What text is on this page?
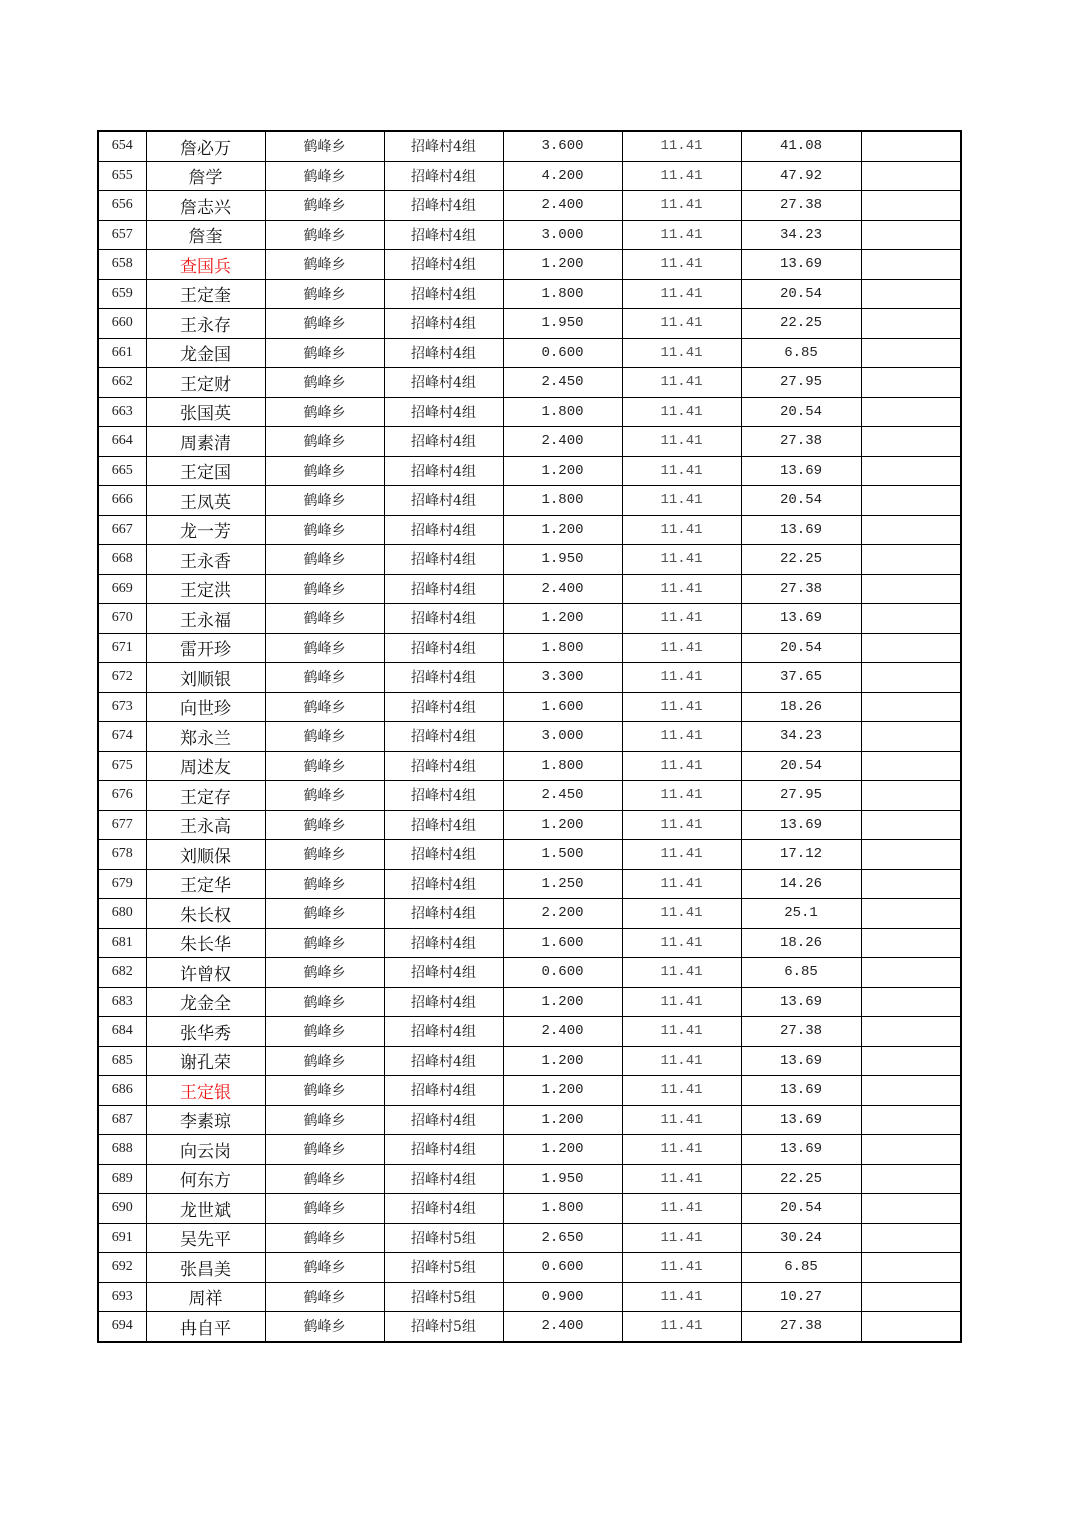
654	詹必万	鹤峰乡	招峰村4组	3.600	11.41	41.08	
655	詹学	鹤峰乡	招峰村4组	4.200	11.41	47.92	
656	詹志兴	鹤峰乡	招峰村4组	2.400	11.41	27.38	
657	詹奎	鹤峰乡	招峰村4组	3.000	11.41	34.23	
658	查国兵	鹤峰乡	招峰村4组	1.200	11.41	13.69	
659	王定奎	鹤峰乡	招峰村4组	1.800	11.41	20.54	
660	王永存	鹤峰乡	招峰村4组	1.950	11.41	22.25	
661	龙金国	鹤峰乡	招峰村4组	0.600	11.41	6.85	
662	王定财	鹤峰乡	招峰村4组	2.450	11.41	27.95	
663	张国英	鹤峰乡	招峰村4组	1.800	11.41	20.54	
664	周素清	鹤峰乡	招峰村4组	2.400	11.41	27.38	
665	王定国	鹤峰乡	招峰村4组	1.200	11.41	13.69	
666	王凤英	鹤峰乡	招峰村4组	1.800	11.41	20.54	
667	龙一芳	鹤峰乡	招峰村4组	1.200	11.41	13.69	
668	王永香	鹤峰乡	招峰村4组	1.950	11.41	22.25	
669	王定洪	鹤峰乡	招峰村4组	2.400	11.41	27.38	
670	王永福	鹤峰乡	招峰村4组	1.200	11.41	13.69	
671	雷开珍	鹤峰乡	招峰村4组	1.800	11.41	20.54	
672	刘顺银	鹤峰乡	招峰村4组	3.300	11.41	37.65	
673	向世珍	鹤峰乡	招峰村4组	1.600	11.41	18.26	
674	郑永兰	鹤峰乡	招峰村4组	3.000	11.41	34.23	
675	周述友	鹤峰乡	招峰村4组	1.800	11.41	20.54	
676	王定存	鹤峰乡	招峰村4组	2.450	11.41	27.95	
677	王永高	鹤峰乡	招峰村4组	1.200	11.41	13.69	
678	刘顺保	鹤峰乡	招峰村4组	1.500	11.41	17.12	
679	王定华	鹤峰乡	招峰村4组	1.250	11.41	14.26	
680	朱长权	鹤峰乡	招峰村4组	2.200	11.41	25.1	
681	朱长华	鹤峰乡	招峰村4组	1.600	11.41	18.26	
682	许曾权	鹤峰乡	招峰村4组	0.600	11.41	6.85	
683	龙金全	鹤峰乡	招峰村4组	1.200	11.41	13.69	
684	张华秀	鹤峰乡	招峰村4组	2.400	11.41	27.38	
685	谢孔荣	鹤峰乡	招峰村4组	1.200	11.41	13.69	
686	王定银	鹤峰乡	招峰村4组	1.200	11.41	13.69	
687	李素琼	鹤峰乡	招峰村4组	1.200	11.41	13.69	
688	向云岗	鹤峰乡	招峰村4组	1.200	11.41	13.69	
689	何东方	鹤峰乡	招峰村4组	1.950	11.41	22.25	
690	龙世斌	鹤峰乡	招峰村4组	1.800	11.41	20.54	
691	吴先平	鹤峰乡	招峰村5组	2.650	11.41	30.24	
692	张昌美	鹤峰乡	招峰村5组	0.600	11.41	6.85	
693	周祥	鹤峰乡	招峰村5组	0.900	11.41	10.27	
694	冉自平	鹤峰乡	招峰村5组	2.400	11.41	27.38	
